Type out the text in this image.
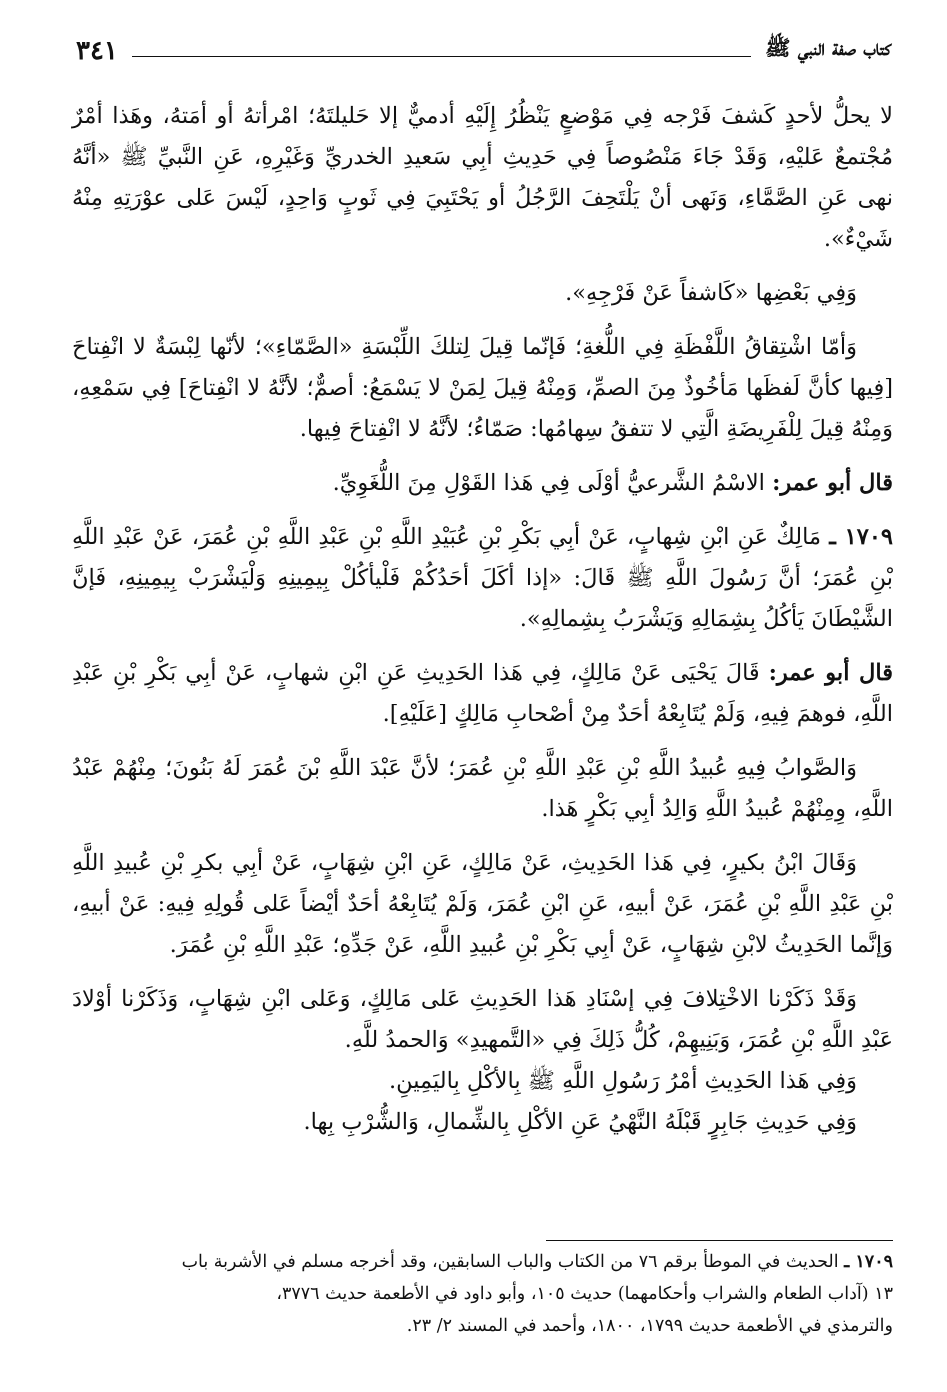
كتاب صفة النبي ﷺ
٣٤١

لا يحلُّ لأحدٍ كَشفَ فَرْجه فِي مَوْضعٍ يَنْظُرُ إِلَيْهِ أدميٌّ إلا حَليلتَهُ؛ امْرأتهُ أو أمَتهُ، وهَذا أمْرٌ مُجْتمعٌ عَليْهِ، وَقَدْ جَاءَ مَنْصُوصاً فِي حَدِيثِ أبِي سَعيدِ الخدريِّ وَغَيْرِهِ، عَنِ النَّبيِّ ﷺ «أنَّهُ نهى عَنِ الصَّمَّاءِ، وَنَهى أنْ يَلْتَحِفَ الرَّجُلُ أو يَحْتَبِيَ فِي ثَوبٍ وَاحِدٍ، لَيْسَ عَلى عوْرَتِهِ مِنْهُ شَيْءٌ».

وَفِي بَعْضِها «كَاشفاً عَنْ فَرْجِهِ».

وَأمّا اشْتِقاقُ اللَّفْظَةِ فِي اللُّغةِ؛ فَإنّما قِيلَ لِتلكَ اللِّبْسَةِ «الصَّمّاءِ»؛ لأنّها لِبْسَةٌ لا انْفِتاحَ [فِيها كأنَّ لَفظَها مَأخُوذٌ مِنَ الصمِّ، وَمِنْهُ قِيلَ لِمَنْ لا يَسْمَعُ: أصمٌّ؛ لأنَّهُ لا انْفِتاحَ] فِي سَمْعِهِ، وَمِنْهُ قِيلَ لِلْفَرِيضَةِ الَّتِي لا تتفقُ سِهامُها: صَمّاءُ؛ لأنَّهُ لا انْفِتاحَ فِيها.

قال أبو عمر: الاسْمُ الشَّرعيُّ أوْلَى فِي هَذا القَوْلِ مِنَ اللُّغَوِيِّ.

١٧٠٩ ـ مَالِكٌ عَنِ ابْنِ شِهابٍ، عَنْ أبِي بَكْرِ بْنِ عُبَيْدِ اللَّهِ بْنِ عَبْدِ اللَّهِ بْنِ عُمَرَ، عَنْ عَبْدِ اللَّهِ بْنِ عُمَرَ؛ أنَّ رَسُولَ اللَّهِ ﷺ قَالَ: «إذا أكَلَ أحَدُكُمْ فَلْيأكُلْ بِيمِينِهِ وَلْيَشْرَبْ بِيمِينِهِ، فَإنَّ الشَّيْطَانَ يَأكُلُ بِشِمَالِهِ وَيَشْرَبُ بِشِمالِهِ».

قال أبو عمر: قَالَ يَحْيَى عَنْ مَالِكٍ، فِي هَذا الحَدِيثِ عَنِ ابْنِ شهابٍ، عَنْ أبِي بَكْرِ بْنِ عَبْدِ اللَّهِ، فوهمَ فِيهِ، وَلَمْ يُتَابِعْهُ أحَدٌ مِنْ أصْحابِ مَالِكٍ [عَلَيْهِ].

وَالصَّوابُ فِيهِ عُبيدُ اللَّهِ بْنِ عَبْدِ اللَّهِ بْنِ عُمَرَ؛ لأنَّ عَبْدَ اللَّهِ بْنَ عُمَرَ لَهُ بَنُونَ؛ مِنْهُمْ عَبْدُ اللَّهِ، وِمِنْهُمْ عُبيدُ اللَّهِ وَالِدُ أبِي بَكْرٍ هَذا.

وَقَالَ ابْنُ بكيرٍ، فِي هَذا الحَدِيثِ، عَنْ مَالِكٍ، عَنِ ابْنِ شِهَابٍ، عَنْ أبِي بكرِ بْنِ عُبيدِ اللَّهِ بْنِ عَبْدِ اللَّهِ بْنِ عُمَرَ، عَنْ أبيهِ، عَنِ ابْنِ عُمَرَ، وَلَمْ يُتَابِعْهُ أحَدٌ أيْضاً عَلى قُولِهِ فِيهِ: عَنْ أبيهِ، وَإنَّما الحَدِيثُ لابْنِ شِهَابٍ، عَنْ أبِي بَكْرِ بْنِ عُبيدِ اللَّهِ، عَنْ جَدِّهِ؛ عَبْدِ اللَّهِ بْنِ عُمَرَ.

وَقَدْ ذَكَرْنا الاخْتِلافَ فِي إسْنَادِ هَذا الحَدِيثِ عَلى مَالِكٍ، وَعَلى ابْنِ شِهَابٍ، وَذَكَرْنا أوْلادَ عَبْدِ اللَّهِ بْنِ عُمَرَ، وَبَنِيهِمْ، كُلُّ ذَلِكَ فِي «التَّمهيدِ» وَالحمدُ للَّهِ.

وَفِي هَذا الحَدِيثِ أمْرُ رَسُولِ اللَّهِ ﷺ بِالأكْلِ بِاليَمِينِ.

وَفِي حَدِيثِ جَابِرٍ قَبْلَهُ النَّهْيُ عَنِ الأكْلِ بِالشِّمالِ، وَالشُّرْبِ بِها.

١٧٠٩ ـ الحديث في الموطأ برقم ٧٦ من الكتاب والباب السابقين، وقد أخرجه مسلم في الأشربة باب

١٣ (آداب الطعام والشراب وأحكامهما) حديث ١٠٥، وأبو داود في الأطعمة حديث ٣٧٧٦،

والترمذي في الأطعمة حديث ١٧٩٩، ١٨٠٠، وأحمد في المسند ٢/ ٢٣.
